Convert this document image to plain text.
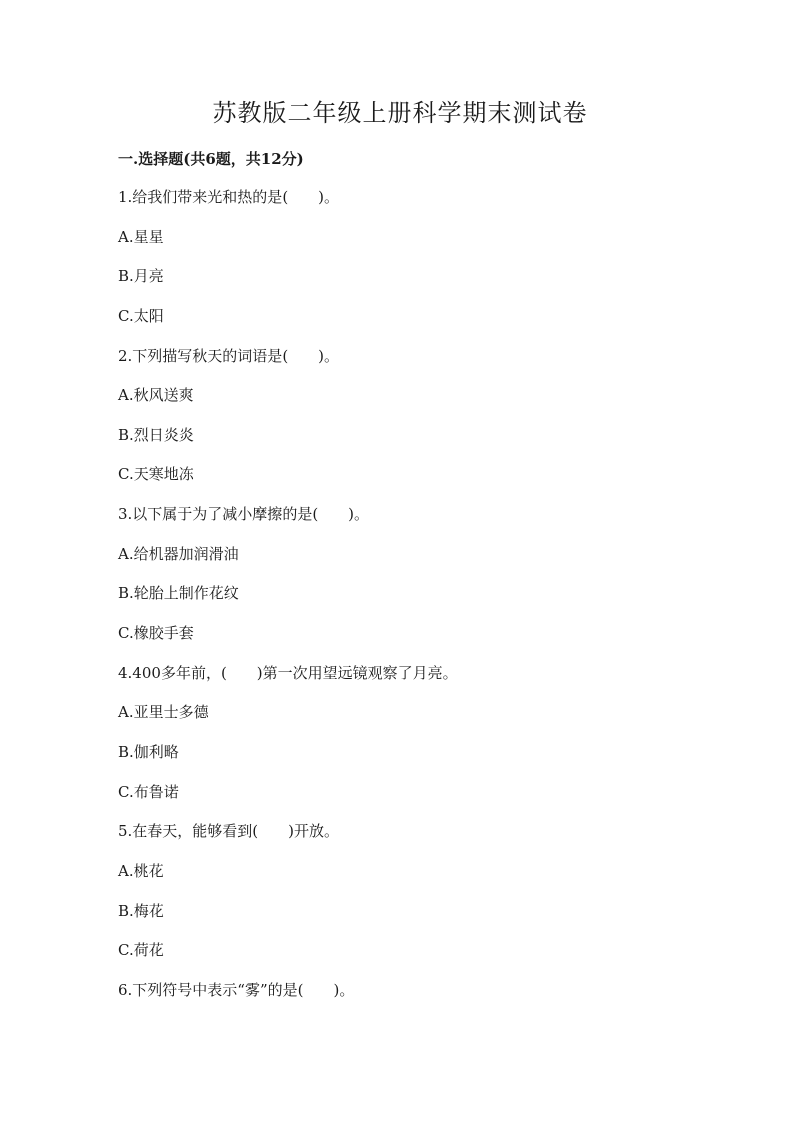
苏教版二年级上册科学期末测试卷
一.选择题(共6题，共12分)
1.给我们带来光和热的是(　　)。
A.星星
B.月亮
C.太阳
2.下列描写秋天的词语是(　　)。
A.秋风送爽
B.烈日炎炎
C.天寒地冻
3.以下属于为了减小摩擦的是(　　)。
A.给机器加润滑油
B.轮胎上制作花纹
C.橡胶手套
4.400多年前，(　　)第一次用望远镜观察了月亮。
A.亚里士多德
B.伽利略
C.布鲁诺
5.在春天，能够看到(　　)开放。
A.桃花
B.梅花
C.荷花
6.下列符号中表示“雾”的是(　　)。
